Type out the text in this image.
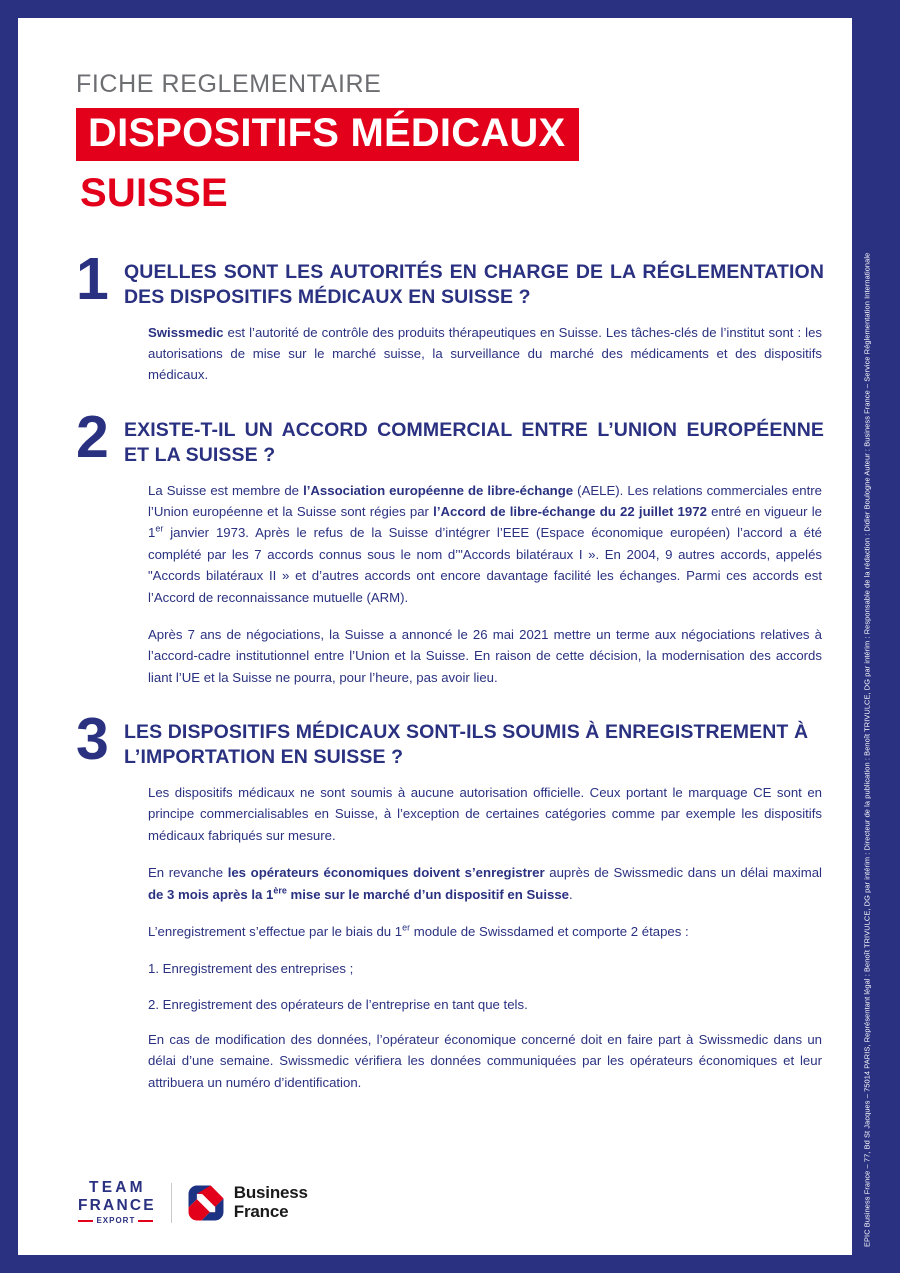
FICHE REGLEMENTAIRE
DISPOSITIFS MÉDICAUX
SUISSE
1 QUELLES SONT LES AUTORITÉS EN CHARGE DE LA RÉGLEMENTATION DES DISPOSITIFS MÉDICAUX EN SUISSE ?

Swissmedic est l’autorité de contrôle des produits thérapeutiques en Suisse. Les tâches-clés de l’institut sont : les autorisations de mise sur le marché suisse, la surveillance du marché des médicaments et des dispositifs médicaux.

2 EXISTE-T-IL UN ACCORD COMMERCIAL ENTRE L’UNION EUROPÉENNE ET LA SUISSE ?

La Suisse est membre de l’Association européenne de libre-échange (AELE). Les relations commerciales entre l’Union européenne et la Suisse sont régies par l’Accord de libre-échange du 22 juillet 1972 entré en vigueur le 1er janvier 1973. Après le refus de la Suisse d’intégrer l’EEE (Espace économique européen) l’accord a été complété par les 7 accords connus sous le nom d’"Accords bilatéraux I ». En 2004, 9 autres accords, appelés "Accords bilatéraux II » et d’autres accords ont encore davantage facilité les échanges. Parmi ces accords est l’Accord de reconnaissance mutuelle (ARM).

Après 7 ans de négociations, la Suisse a annoncé le 26 mai 2021 mettre un terme aux négociations relatives à l’accord-cadre institutionnel entre l’Union et la Suisse. En raison de cette décision, la modernisation des accords liant l’UE et la Suisse ne pourra, pour l’heure, pas avoir lieu.

3 LES DISPOSITIFS MÉDICAUX SONT-ILS SOUMIS À ENREGISTREMENT À L’IMPORTATION EN SUISSE ?

Les dispositifs médicaux ne sont soumis à aucune autorisation officielle. Ceux portant le marquage CE sont en principe commercialisables en Suisse, à l’exception de certaines catégories comme par exemple les dispositifs médicaux fabriqués sur mesure.

En revanche les opérateurs économiques doivent s’enregistrer auprès de Swissmedic dans un délai maximal de 3 mois après la 1ère mise sur le marché d’un dispositif en Suisse.

L’enregistrement s’effectue par le biais du 1er module de Swissdamed et comporte 2 étapes :

1. Enregistrement des entreprises ;

2. Enregistrement des opérateurs de l’entreprise en tant que tels.

En cas de modification des données, l’opérateur économique concerné doit en faire part à Swissmedic dans un délai d’une semaine. Swissmedic vérifiera les données communiquées par les opérateurs économiques et leur attribuera un numéro d’identification.

TEAM
FRANCE
EXPORT
Business
France	EPIC Business France – 77, Bd St Jacques – 75014 PARIS, Représentant légal : Benoît TRIVULCE, DG par intérim : Directeur de la publication : Benoît TRIVULCE, DG par intérim : Responsable de la rédaction : Didier Boulogne Auteur : Business France – Service Réglementation Internationale
